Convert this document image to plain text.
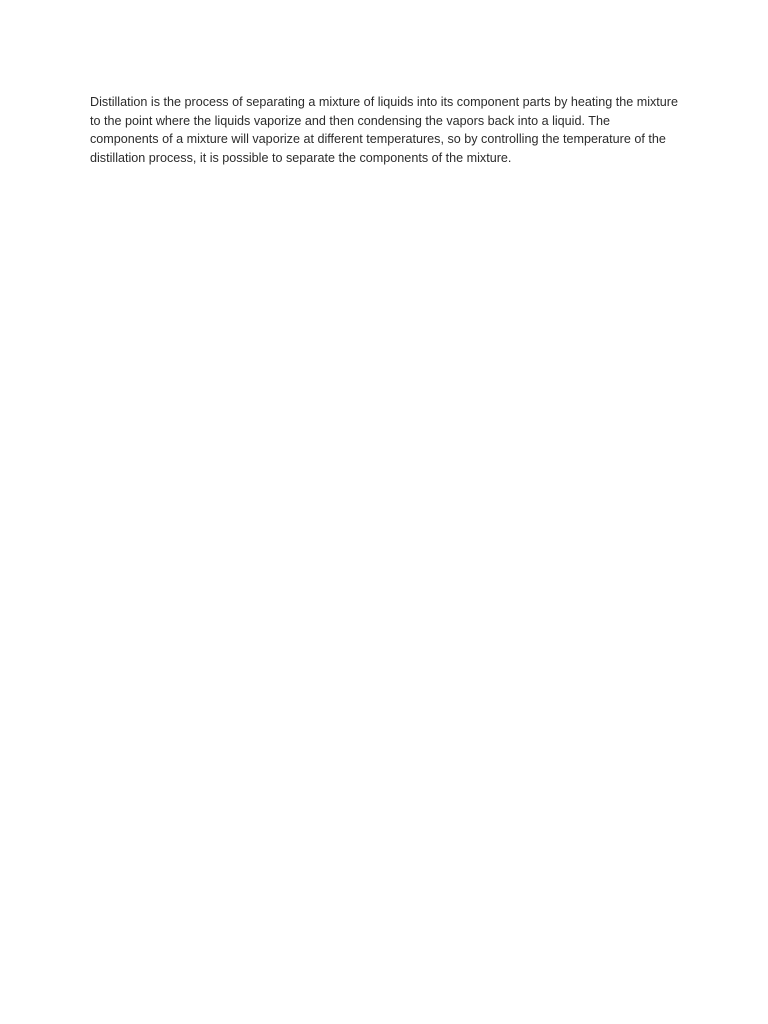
Distillation is the process of separating a mixture of liquids into its component parts by heating the mixture to the point where the liquids vaporize and then condensing the vapors back into a liquid. The components of a mixture will vaporize at different temperatures, so by controlling the temperature of the distillation process, it is possible to separate the components of the mixture.
